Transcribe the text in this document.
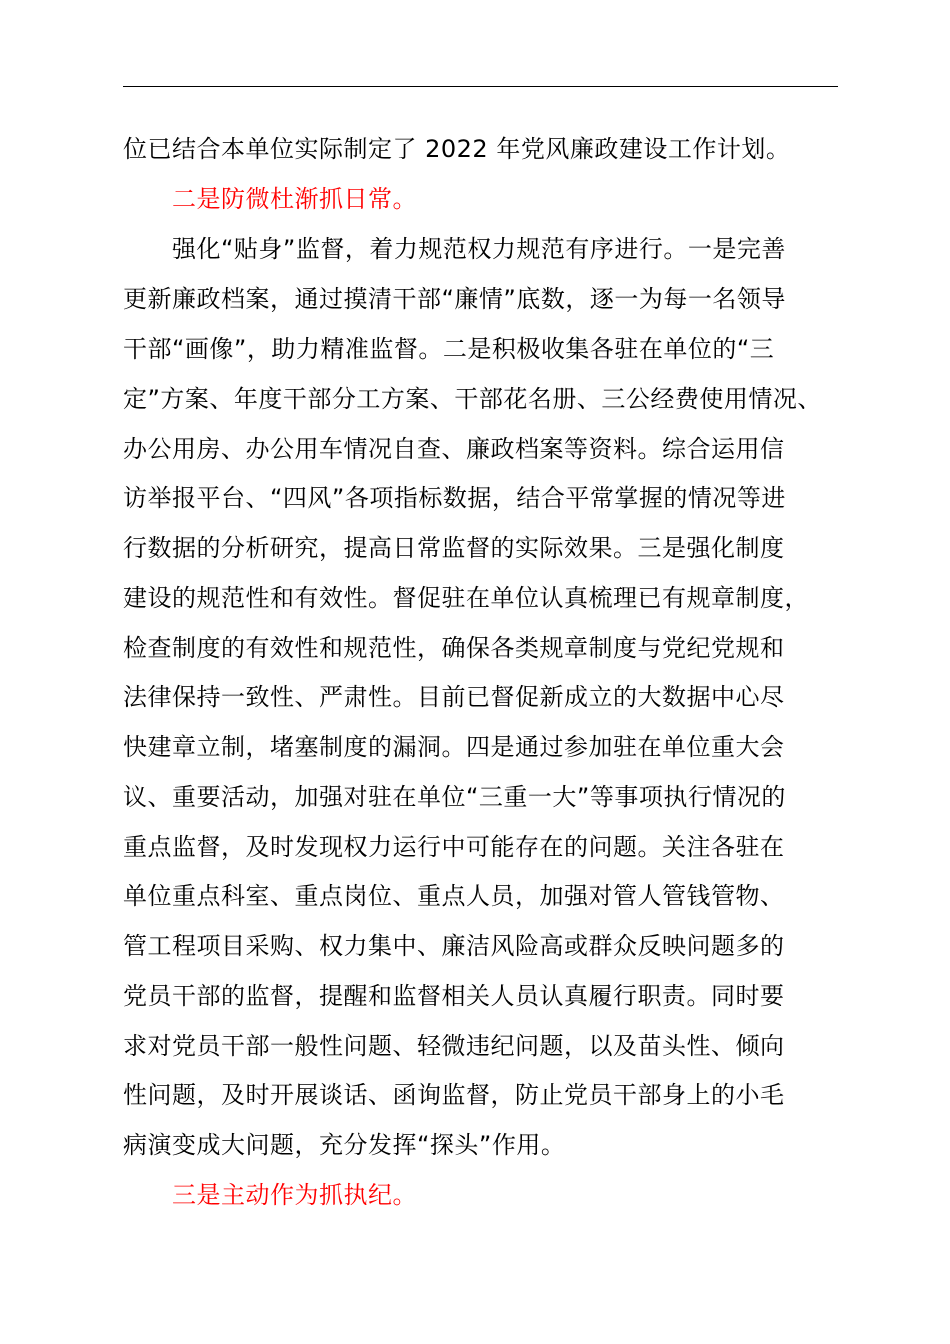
位已结合本单位实际制定了 2022 年党风廉政建设工作计划。
二是防微杜渐抓日常。
强化“贴身”监督，着力规范权力规范有序进行。一是完善
更新廉政档案，通过摸清干部“廉情”底数，逐一为每一名领导
干部“画像”，助力精准监督。二是积极收集各驻在单位的“三
定”方案、年度干部分工方案、干部花名册、三公经费使用情况、
办公用房、办公用车情况自查、廉政档案等资料。综合运用信
访举报平台、“四风”各项指标数据，结合平常掌握的情况等进
行数据的分析研究，提高日常监督的实际效果。三是强化制度
建设的规范性和有效性。督促驻在单位认真梳理已有规章制度，
检查制度的有效性和规范性，确保各类规章制度与党纪党规和
法律保持一致性、严肃性。目前已督促新成立的大数据中心尽
快建章立制，堵塞制度的漏洞。四是通过参加驻在单位重大会
议、重要活动，加强对驻在单位“三重一大”等事项执行情况的
重点监督，及时发现权力运行中可能存在的问题。关注各驻在
单位重点科室、重点岗位、重点人员，加强对管人管钱管物、
管工程项目采购、权力集中、廉洁风险高或群众反映问题多的
党员干部的监督，提醒和监督相关人员认真履行职责。同时要
求对党员干部一般性问题、轻微违纪问题，以及苗头性、倾向
性问题，及时开展谈话、函询监督，防止党员干部身上的小毛
病演变成大问题，充分发挥“探头”作用。
三是主动作为抓执纪。
